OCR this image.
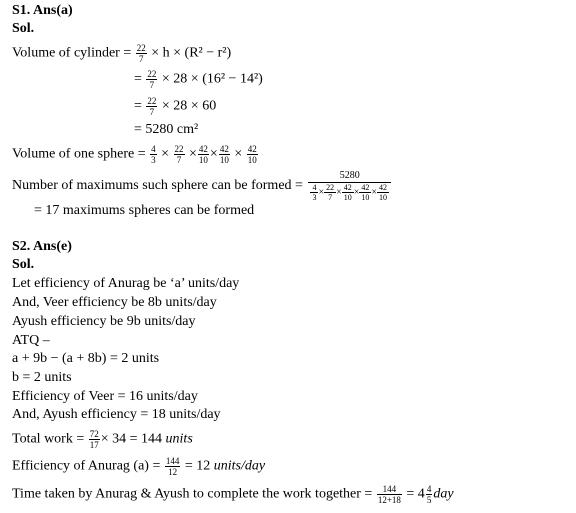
S1. Ans(a)
Sol.
Volume of cylinder = $\frac{22}{7} \times h \times (R^2 - r^2)$
= $\frac{22}{7} \times 28 \times (16^2 - 14^2)$
= $\frac{22}{7} \times 28 \times 60$
= 5280 cm²
Volume of one sphere = $\frac{4}{3} \times \frac{22}{7} \times \frac{42}{10} \times \frac{42}{10} \times \frac{42}{10}$
Number of maximums such sphere can be formed = $\frac{5280}{\frac{4}{3} \times \frac{22}{7} \times \frac{42}{10} \times \frac{42}{10} \times \frac{42}{10}}$
= 17 maximums spheres can be formed
S2. Ans(e)
Sol.
Let efficiency of Anurag be ‘a’ units/day
And, Veer efficiency be 8b units/day
Ayush efficiency be 9b units/day
ATQ –
a + 9b − (a + 8b) = 2 units
b = 2 units
Efficiency of Veer = 16 units/day
And, Ayush efficiency = 18 units/day
Total work = $\frac{72}{17} \times 34 = 144$ units
Efficiency of Anurag $(a) = \frac{144}{12} = 12$ units/day
Time taken by Anurag & Ayush to complete the work together = $\frac{144}{12+18} = 4 \frac{4}{5}$ day
